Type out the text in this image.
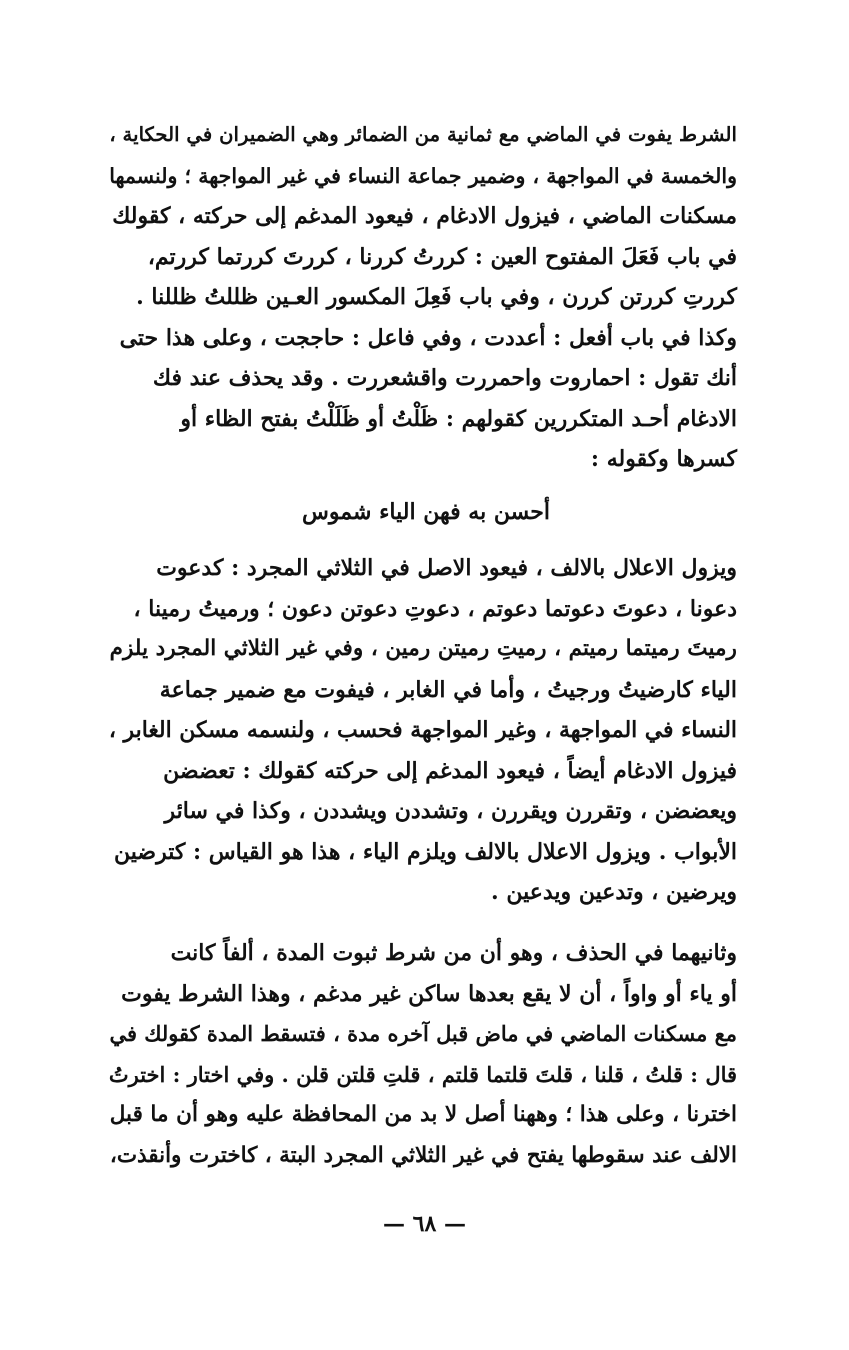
الشرط يفوت في الماضي مع ثمانية من الضمائر وهي الضميران في الحكاية ،
والخمسة في المواجهة ، وضمير جماعة النساء في غير المواجهة ؛ ولنسمها
مسكنات الماضي ، فيزول الادغام ، فيعود المدغم إلى حركته ، كقولك
في باب فَعَلَ المفتوح العين : كررتُ كررنا ، كررتَ كررتما كررتم،
كررتِ كررتن كررن ، وفي باب فَعِلَ المكسور العـين ظللتُ ظللنا .
وكذا في باب أفعل : أعددت ، وفي فاعل : حاججت ، وعلى هذا حتى
أنك تقول : احماروت واحمررت واقشعررت . وقد يحذف عند فك
الادغام أحـد المتكررين كقولهم : ظَلْتُ أو ظَلَلْتُ بفتح الظاء أو
كسرها وكقوله :
أحسن به فهن الياء شموس
ويزول الاعلال بالالف ، فيعود الاصل في الثلاثي المجرد : كدعوت
دعونا ، دعوتَ دعوتما دعوتم ، دعوتِ دعوتن دعون ؛ ورميتُ رمينا ،
رميتَ رميتما رميتم ، رميتِ رميتن رمين ، وفي غير الثلاثي المجرد يلزم
الياء كارضيتُ ورجيتُ ، وأما في الغابر ، فيفوت مع ضمير جماعة
النساء في المواجهة ، وغير المواجهة فحسب ، ولنسمه مسكن الغابر ،
فيزول الادغام أيضاً ، فيعود المدغم إلى حركته كقولك : تعضضن
ويعضضن ، وتقررن ويقررن ، وتشددن ويشددن ، وكذا في سائر
الأبواب . ويزول الاعلال بالالف ويلزم الياء ، هذا هو القياس : كترضين
ويرضين ، وتدعين ويدعين .
وثانيهما في الحذف ، وهو أن من شرط ثبوت المدة ، ألفاً كانت
أو ياء أو واواً ، أن لا يقع بعدها ساكن غير مدغم ، وهذا الشرط يفوت
مع مسكنات الماضي في ماض قبل آخره مدة ، فتسقط المدة كقولك في
قال : قلتُ ، قلنا ، قلتَ قلتما قلتم ، قلتِ قلتن قلن . وفي اختار : اخترتُ
اخترنا ، وعلى هذا ؛ وههنا أصل لا بد من المحافظة عليه وهو أن ما قبل
الالف عند سقوطها يفتح في غير الثلاثي المجرد البتة ، كاخترت وأنقذت،
— ٦٨ —
